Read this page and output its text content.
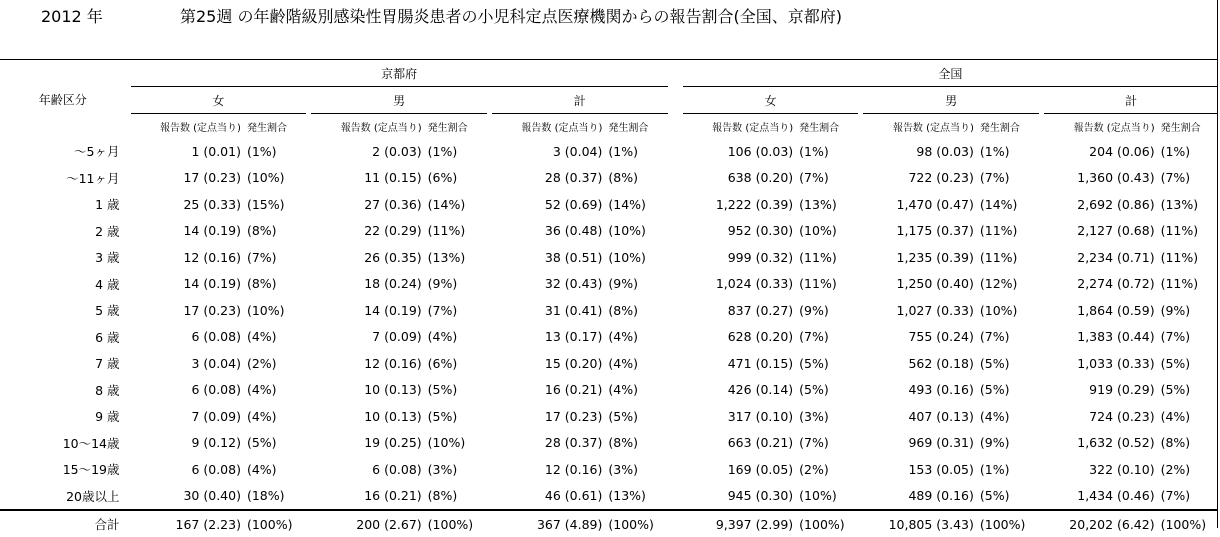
2012 年	第25週 の年齢階級別感染性胃腸炎患者の小児科定点医療機関からの報告割合(全国、京都府)
年齢区分		京都府										全国							
		女			男			計				女			男			計	
		報告数 (定点当り)	発生割合		報告数 (定点当り)	発生割合		報告数 (定点当り)	発生割合			報告数 (定点当り)	発生割合		報告数 (定点当り)	発生割合		報告数 (定点当り)	発生割合
～5ヶ月		1 (0.01)	(1%)		2 (0.03)	(1%)		3 (0.04)	(1%)			106 (0.03)	(1%)		98 (0.03)	(1%)		204 (0.06)	(1%)
～11ヶ月		17 (0.23)	(10%)		11 (0.15)	(6%)		28 (0.37)	(8%)			638 (0.20)	(7%)		722 (0.23)	(7%)		1,360 (0.43)	(7%)
1 歳		25 (0.33)	(15%)		27 (0.36)	(14%)		52 (0.69)	(14%)			1,222 (0.39)	(13%)		1,470 (0.47)	(14%)		2,692 (0.86)	(13%)
2 歳		14 (0.19)	(8%)		22 (0.29)	(11%)		36 (0.48)	(10%)			952 (0.30)	(10%)		1,175 (0.37)	(11%)		2,127 (0.68)	(11%)
3 歳		12 (0.16)	(7%)		26 (0.35)	(13%)		38 (0.51)	(10%)			999 (0.32)	(11%)		1,235 (0.39)	(11%)		2,234 (0.71)	(11%)
4 歳		14 (0.19)	(8%)		18 (0.24)	(9%)		32 (0.43)	(9%)			1,024 (0.33)	(11%)		1,250 (0.40)	(12%)		2,274 (0.72)	(11%)
5 歳		17 (0.23)	(10%)		14 (0.19)	(7%)		31 (0.41)	(8%)			837 (0.27)	(9%)		1,027 (0.33)	(10%)		1,864 (0.59)	(9%)
6 歳		6 (0.08)	(4%)		7 (0.09)	(4%)		13 (0.17)	(4%)			628 (0.20)	(7%)		755 (0.24)	(7%)		1,383 (0.44)	(7%)
7 歳		3 (0.04)	(2%)		12 (0.16)	(6%)		15 (0.20)	(4%)			471 (0.15)	(5%)		562 (0.18)	(5%)		1,033 (0.33)	(5%)
8 歳		6 (0.08)	(4%)		10 (0.13)	(5%)		16 (0.21)	(4%)			426 (0.14)	(5%)		493 (0.16)	(5%)		919 (0.29)	(5%)
9 歳		7 (0.09)	(4%)		10 (0.13)	(5%)		17 (0.23)	(5%)			317 (0.10)	(3%)		407 (0.13)	(4%)		724 (0.23)	(4%)
10～14歳		9 (0.12)	(5%)		19 (0.25)	(10%)		28 (0.37)	(8%)			663 (0.21)	(7%)		969 (0.31)	(9%)		1,632 (0.52)	(8%)
15～19歳		6 (0.08)	(4%)		6 (0.08)	(3%)		12 (0.16)	(3%)			169 (0.05)	(2%)		153 (0.05)	(1%)		322 (0.10)	(2%)
20歳以上		30 (0.40)	(18%)		16 (0.21)	(8%)		46 (0.61)	(13%)			945 (0.30)	(10%)		489 (0.16)	(5%)		1,434 (0.46)	(7%)
合計		167 (2.23)	(100%)		200 (2.67)	(100%)		367 (4.89)	(100%)			9,397 (2.99)	(100%)		10,805 (3.43)	(100%)		20,202 (6.42)	(100%)
